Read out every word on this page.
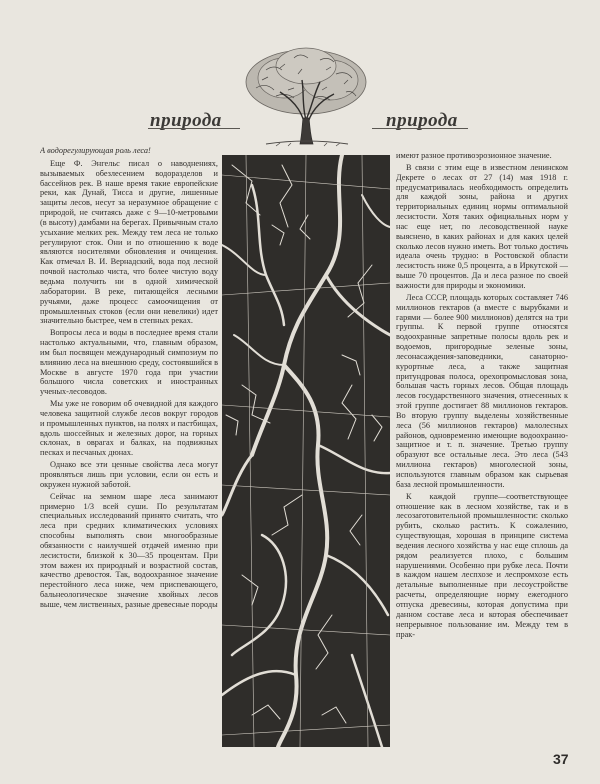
природа	природа

А водорегулирующая роль леса!

Еще Ф. Энгельс писал о наводнениях, вызываемых обезлесением водоразделов и бассейнов рек. В наше время такие европейские реки, как Дунай, Тисса и другие, лишенные защиты лесов, несут за неразумное обращение с природой, не считаясь даже с 9—10-метровыми (в высоту) дамбами на берегах. Привычным стало усыхание мелких рек. Между тем леса не только регулируют сток. Они и по отношению к воде являются носителями обновления и очищения. Как отмечал В. И. Вернадский, вода под лесной почвой настолько чиста, что более чистую воду ведьма получить ни в одной химической лаборатории. В реке, питающейся лесными ручьями, даже процесс самоочищения от промышленных стоков (если они невелики) идет значительно быстрее, чем в степных реках.

Вопросы леса и воды в последнее время стали настолько актуальными, что, главным образом, им был посвящен международный симпозиум по влиянию леса на внешнюю среду, состоявшийся в Москве в августе 1970 года при участии большого числа советских и иностранных ученых-лесоводов.

Мы уже не говорим об очевидной для каждого человека защитной службе лесов вокруг городов и промышленных пунктов, на полях и пастбищах, вдоль шоссейных и железных дорог, на горных склонах, в оврагах и балках, на подвижных песках и песчаных дюнах.

Однако все эти ценные свойства леса могут проявляться лишь при условии, если он есть и окружен нужной заботой.

Сейчас на земном шаре леса занимают примерно 1/3 всей суши. По результатам специальных исследований принято считать, что леса при средних климатических условиях способны выполнять свои многообразные обязанности с наилучшей отдачей именно при лесистости, близкой к 30—35 процентам. При этом важен их природный и возрастной состав, качество древостоя. Так, водоохранное значение перестойного леса ниже, чем приспевающего, бальнеологическое значение хвойных лесов выше, чем лиственных, разные древесные породы

имеют разное противоэрозионное значение.

В связи с этим еще в известном ленинском Декрете о лесах от 27 (14) мая 1918 г. предусматривалась необходимость определить для каждой зоны, района и других территориальных единиц нормы оптимальной лесистости. Хотя таких официальных норм у нас еще нет, по лесоводственной науке выяснено, в каких районах и для каких целей сколько лесов нужно иметь. Вот только достичь идеала очень трудно: в Ростовской области лесистость ниже 0,5 процента, а в Иркутской — выше 70 процентов. Да и леса разное по своей важности для природы и экономики.

Леса СССР, площадь которых составляет 746 миллионов гектаров (а вместе с вырубками и гарями — более 900 миллионов) делятся на три группы. К первой группе относятся водоохранные запретные полосы вдоль рек и водоемов, пригородные зеленые зоны, лесонасаждения-заповедники, санаторно-курортные леса, а также защитная притундровая полоса, орехопромысловая зона, большая часть горных лесов. Общая площадь лесов государственного значения, отнесенных к этой группе достигает 88 миллионов гектаров. Во вторую группу выделены хозяйственные леса (56 миллионов гектаров) малолесных районов, одновременно имеющие водоохранно-защитное и т. п. значение. Третью группу образуют все остальные леса. Это леса (543 миллиона гектаров) многолесной зоны, используются главным образом как сырьевая база лесной промышленности.

К каждой группе—соответствующее отношение как в лесном хозяйстве, так и в лесозаготовительной промышленности: сколько рубить, сколько растить. К сожалению, существующая, хорошая в принципе система ведения лесного хозяйства у нас еще сплошь да рядом реализуется плохо, с большим нарушениями. Особенно при рубке леса. Почти в каждом нашем леспхозе и леспромхозе есть детальные выполненные при лесоустройстве расчеты, определяющие норму ежегодного отпуска древесины, которая допустима при данном составе леса и которая обеспечивает непрерывное пользование им. Между тем в прак-

37
